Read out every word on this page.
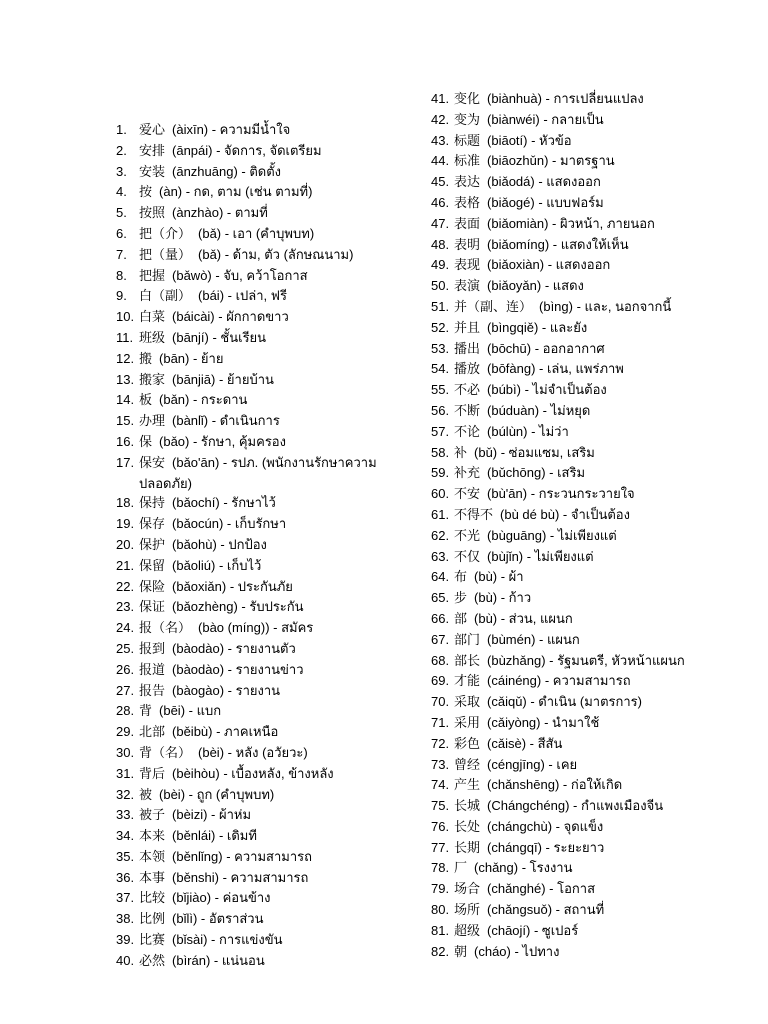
1. 爱心 (àixīn) - ความมีน้ำใจ
2. 安排 (ānpái) - จัดการ, จัดเตรียม
3. 安装 (ānzhuāng) - ติดตั้ง
4. 按 (àn) - กด, ตาม (เช่น ตามที่)
5. 按照 (ànzhào) - ตามที่
6. 把（介） (bǎ) - เอา (คำบุพบท)
7. 把（量） (bǎ) - ด้าม, ตัว (ลักษณนาม)
8. 把握 (bǎwò) - จับ, คว้าโอกาส
9. 白（副） (bái) - เปล่า, ฟรี
10. 白菜 (báicài) - ผักกาดขาว
11. 班级 (bānjí) - ชั้นเรียน
12. 搬 (bān) - ย้าย
13. 搬家 (bānjiā) - ย้ายบ้าน
14. 板 (bǎn) - กระดาน
15. 办理 (bànlǐ) - ดำเนินการ
16. 保 (bǎo) - รักษา, คุ้มครอง
17. 保安 (bǎo'ān) - รปภ. (พนักงานรักษาความปลอดภัย)
18. 保持 (bǎochí) - รักษาไว้
19. 保存 (bǎocún) - เก็บรักษา
20. 保护 (bǎohù) - ปกป้อง
21. 保留 (bǎoliú) - เก็บไว้
22. 保险 (bǎoxiǎn) - ประกันภัย
23. 保证 (bǎozhèng) - รับประกัน
24. 报（名） (bào (míng)) - สมัคร
25. 报到 (bàodào) - รายงานตัว
26. 报道 (bàodào) - รายงานข่าว
27. 报告 (bàogào) - รายงาน
28. 背 (bēi) - แบก
29. 北部 (běibù) - ภาคเหนือ
30. 背（名） (bèi) - หลัง (อวัยวะ)
31. 背后 (bèihòu) - เบื้องหลัง, ข้างหลัง
32. 被 (bèi) - ถูก (คำบุพบท)
33. 被子 (bèizi) - ผ้าห่ม
34. 本来 (běnlái) - เดิมที
35. 本领 (běnlǐng) - ความสามารถ
36. 本事 (běnshi) - ความสามารถ
37. 比较 (bǐjiào) - ค่อนข้าง
38. 比例 (bǐlì) - อัตราส่วน
39. 比赛 (bǐsài) - การแข่งขัน
40. 必然 (bìrán) - แน่นอน
41. 变化 (biànhuà) - การเปลี่ยนแปลง
42. 变为 (biànwéi) - กลายเป็น
43. 标题 (biāotí) - หัวข้อ
44. 标准 (biāozhǔn) - มาตรฐาน
45. 表达 (biǎodá) - แสดงออก
46. 表格 (biǎogé) - แบบฟอร์ม
47. 表面 (biǎomiàn) - ผิวหน้า, ภายนอก
48. 表明 (biǎomíng) - แสดงให้เห็น
49. 表现 (biǎoxiàn) - แสดงออก
50. 表演 (biǎoyǎn) - แสดง
51. 并（副、连） (bìng) - และ, นอกจากนี้
52. 并且 (bìngqiě) - และยัง
53. 播出 (bōchū) - ออกอากาศ
54. 播放 (bōfàng) - เล่น, แพร่ภาพ
55. 不必 (búbì) - ไม่จำเป็นต้อง
56. 不断 (búduàn) - ไม่หยุด
57. 不论 (búlùn) - ไม่ว่า
58. 补 (bǔ) - ซ่อมแซม, เสริม
59. 补充 (bǔchōng) - เสริม
60. 不安 (bù'ān) - กระวนกระวายใจ
61. 不得不 (bù dé bù) - จำเป็นต้อง
62. 不光 (bùguāng) - ไม่เพียงแต่
63. 不仅 (bùjǐn) - ไม่เพียงแต่
64. 布 (bù) - ผ้า
65. 步 (bù) - ก้าว
66. 部 (bù) - ส่วน, แผนก
67. 部门 (bùmén) - แผนก
68. 部长 (bùzhǎng) - รัฐมนตรี, หัวหน้าแผนก
69. 才能 (cáinéng) - ความสามารถ
70. 采取 (cǎiqǔ) - ดำเนิน (มาตรการ)
71. 采用 (cǎiyòng) - นำมาใช้
72. 彩色 (cǎisè) - สีสัน
73. 曾经 (céngjīng) - เคย
74. 产生 (chǎnshēng) - ก่อให้เกิด
75. 长城 (Chángchéng) - กำแพงเมืองจีน
76. 长处 (chángchù) - จุดแข็ง
77. 长期 (chángqī) - ระยะยาว
78. 厂 (chǎng) - โรงงาน
79. 场合 (chǎnghé) - โอกาส
80. 场所 (chǎngsuǒ) - สถานที่
81. 超级 (chāojí) - ซูเปอร์
82. 朝 (cháo) - ไปทาง
